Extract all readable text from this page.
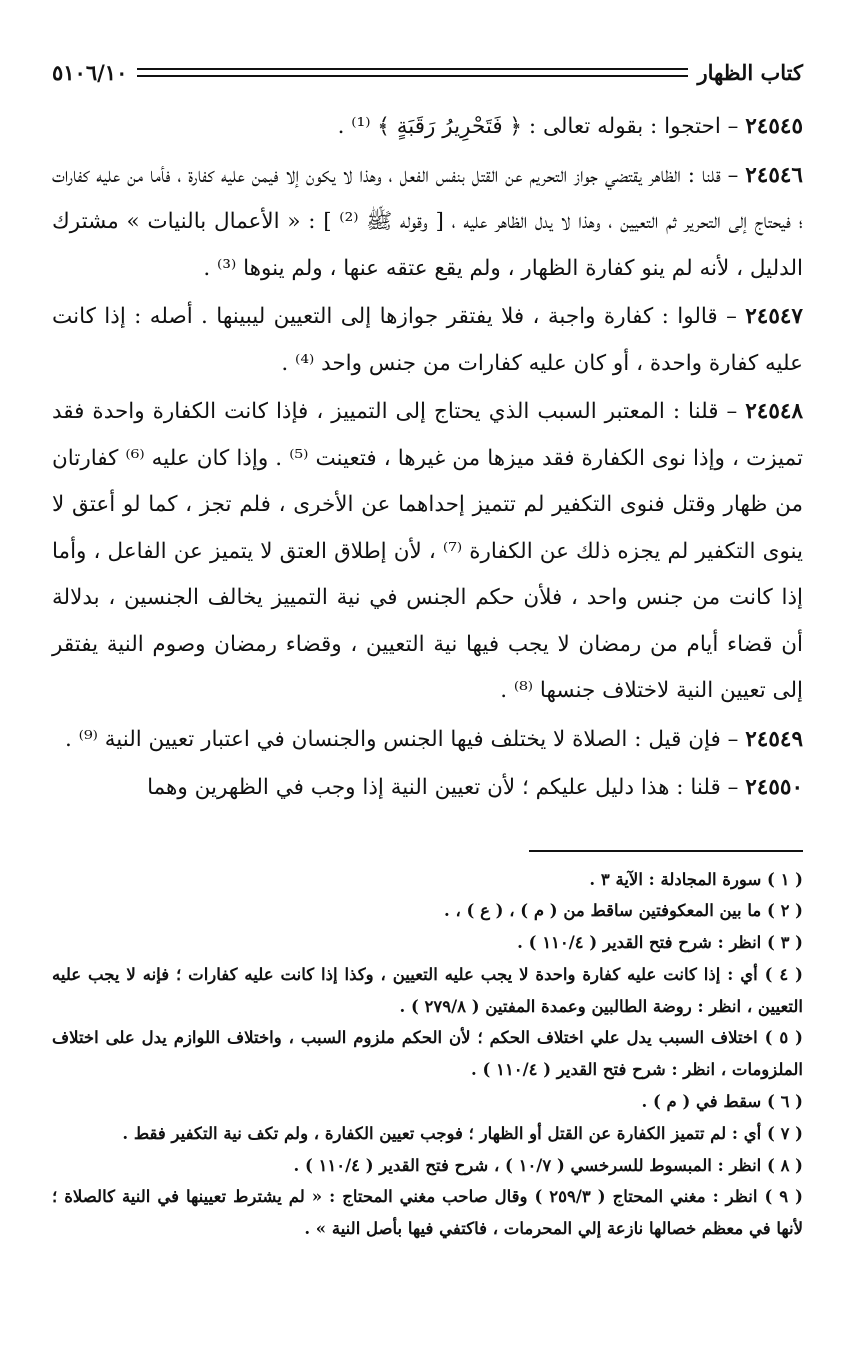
كتاب الظهار
٥١٠٦/١٠

٢٤٥٤٥ – احتجوا : بقوله تعالى : ﴿ فَتَحْرِيرُ رَقَبَةٍ ﴾ ⁽¹⁾ .

٢٤٥٤٦ – قلنا : الظاهر يقتضي جواز التحريم عن القتل بنفس الفعل ، وهذا لا يكون إلا فيمن عليه كفارة ، فأما من عليه كفارات ؛ فيحتاج إلى التحرير ثم التعيين ، وهذا لا يدل الظاهر عليه ، [ وقوله ﷺ ⁽²⁾ ] : « الأعمال بالنيات » مشترك الدليل ، لأنه لم ينو كفارة الظهار ، ولم يقع عتقه عنها ، ولم ينوها ⁽³⁾ .

٢٤٥٤٧ – قالوا : كفارة واجبة ، فلا يفتقر جوازها إلى التعيين ليبينها . أصله : إذا كانت عليه كفارة واحدة ، أو كان عليه كفارات من جنس واحد ⁽⁴⁾ .

٢٤٥٤٨ – قلنا : المعتبر السبب الذي يحتاج إلى التمييز ، فإذا كانت الكفارة واحدة فقد تميزت ، وإذا نوى الكفارة فقد ميزها من غيرها ، فتعينت ⁽⁵⁾ . وإذا كان عليه ⁽⁶⁾ كفارتان من ظهار وقتل فنوى التكفير لم تتميز إحداهما عن الأخرى ، فلم تجز ، كما لو أعتق لا ينوى التكفير لم يجزه ذلك عن الكفارة ⁽⁷⁾ ، لأن إطلاق العتق لا يتميز عن الفاعل ، وأما إذا كانت من جنس واحد ، فلأن حكم الجنس في نية التمييز يخالف الجنسين ، بدلالة أن قضاء أيام من رمضان لا يجب فيها نية التعيين ، وقضاء رمضان وصوم النية يفتقر إلى تعيين النية لاختلاف جنسها ⁽⁸⁾ .

٢٤٥٤٩ – فإن قيل : الصلاة لا يختلف فيها الجنس والجنسان في اعتبار تعيين النية ⁽⁹⁾ .

٢٤٥٥٠ – قلنا : هذا دليل عليكم ؛ لأن تعيين النية إذا وجب في الظهرين وهما

( ١ ) سورة المجادلة : الآية ٣ .

( ٢ ) ما بين المعكوفتين ساقط من ( م ) ، ( ع ) ، .

( ٣ ) انظر : شرح فتح القدير ( ١١٠/٤ ) .

( ٤ ) أي : إذا كانت عليه كفارة واحدة لا يجب عليه التعيين ، وكذا إذا كانت عليه كفارات ؛ فإنه لا يجب عليه التعيين ، انظر : روضة الطالبين وعمدة المفتين ( ٢٧٩/٨ ) .

( ٥ ) اختلاف السبب يدل علي اختلاف الحكم ؛ لأن الحكم ملزوم السبب ، واختلاف اللوازم يدل على اختلاف الملزومات ، انظر : شرح فتح القدير ( ١١٠/٤ ) .

( ٦ ) سقط في ( م ) .

( ٧ ) أي : لم تتميز الكفارة عن القتل أو الظهار ؛ فوجب تعيين الكفارة ، ولم تكف نية التكفير فقط .

( ٨ ) انظر : المبسوط للسرخسي ( ١٠/٧ ) ، شرح فتح القدير ( ١١٠/٤ ) .

( ٩ ) انظر : مغني المحتاج ( ٢٥٩/٣ ) وقال صاحب مغني المحتاج : « لم يشترط تعيينها في النية كالصلاة ؛ لأنها في معظم خصالها نازعة إلي المحرمات ، فاكتفي فيها بأصل النية » .
